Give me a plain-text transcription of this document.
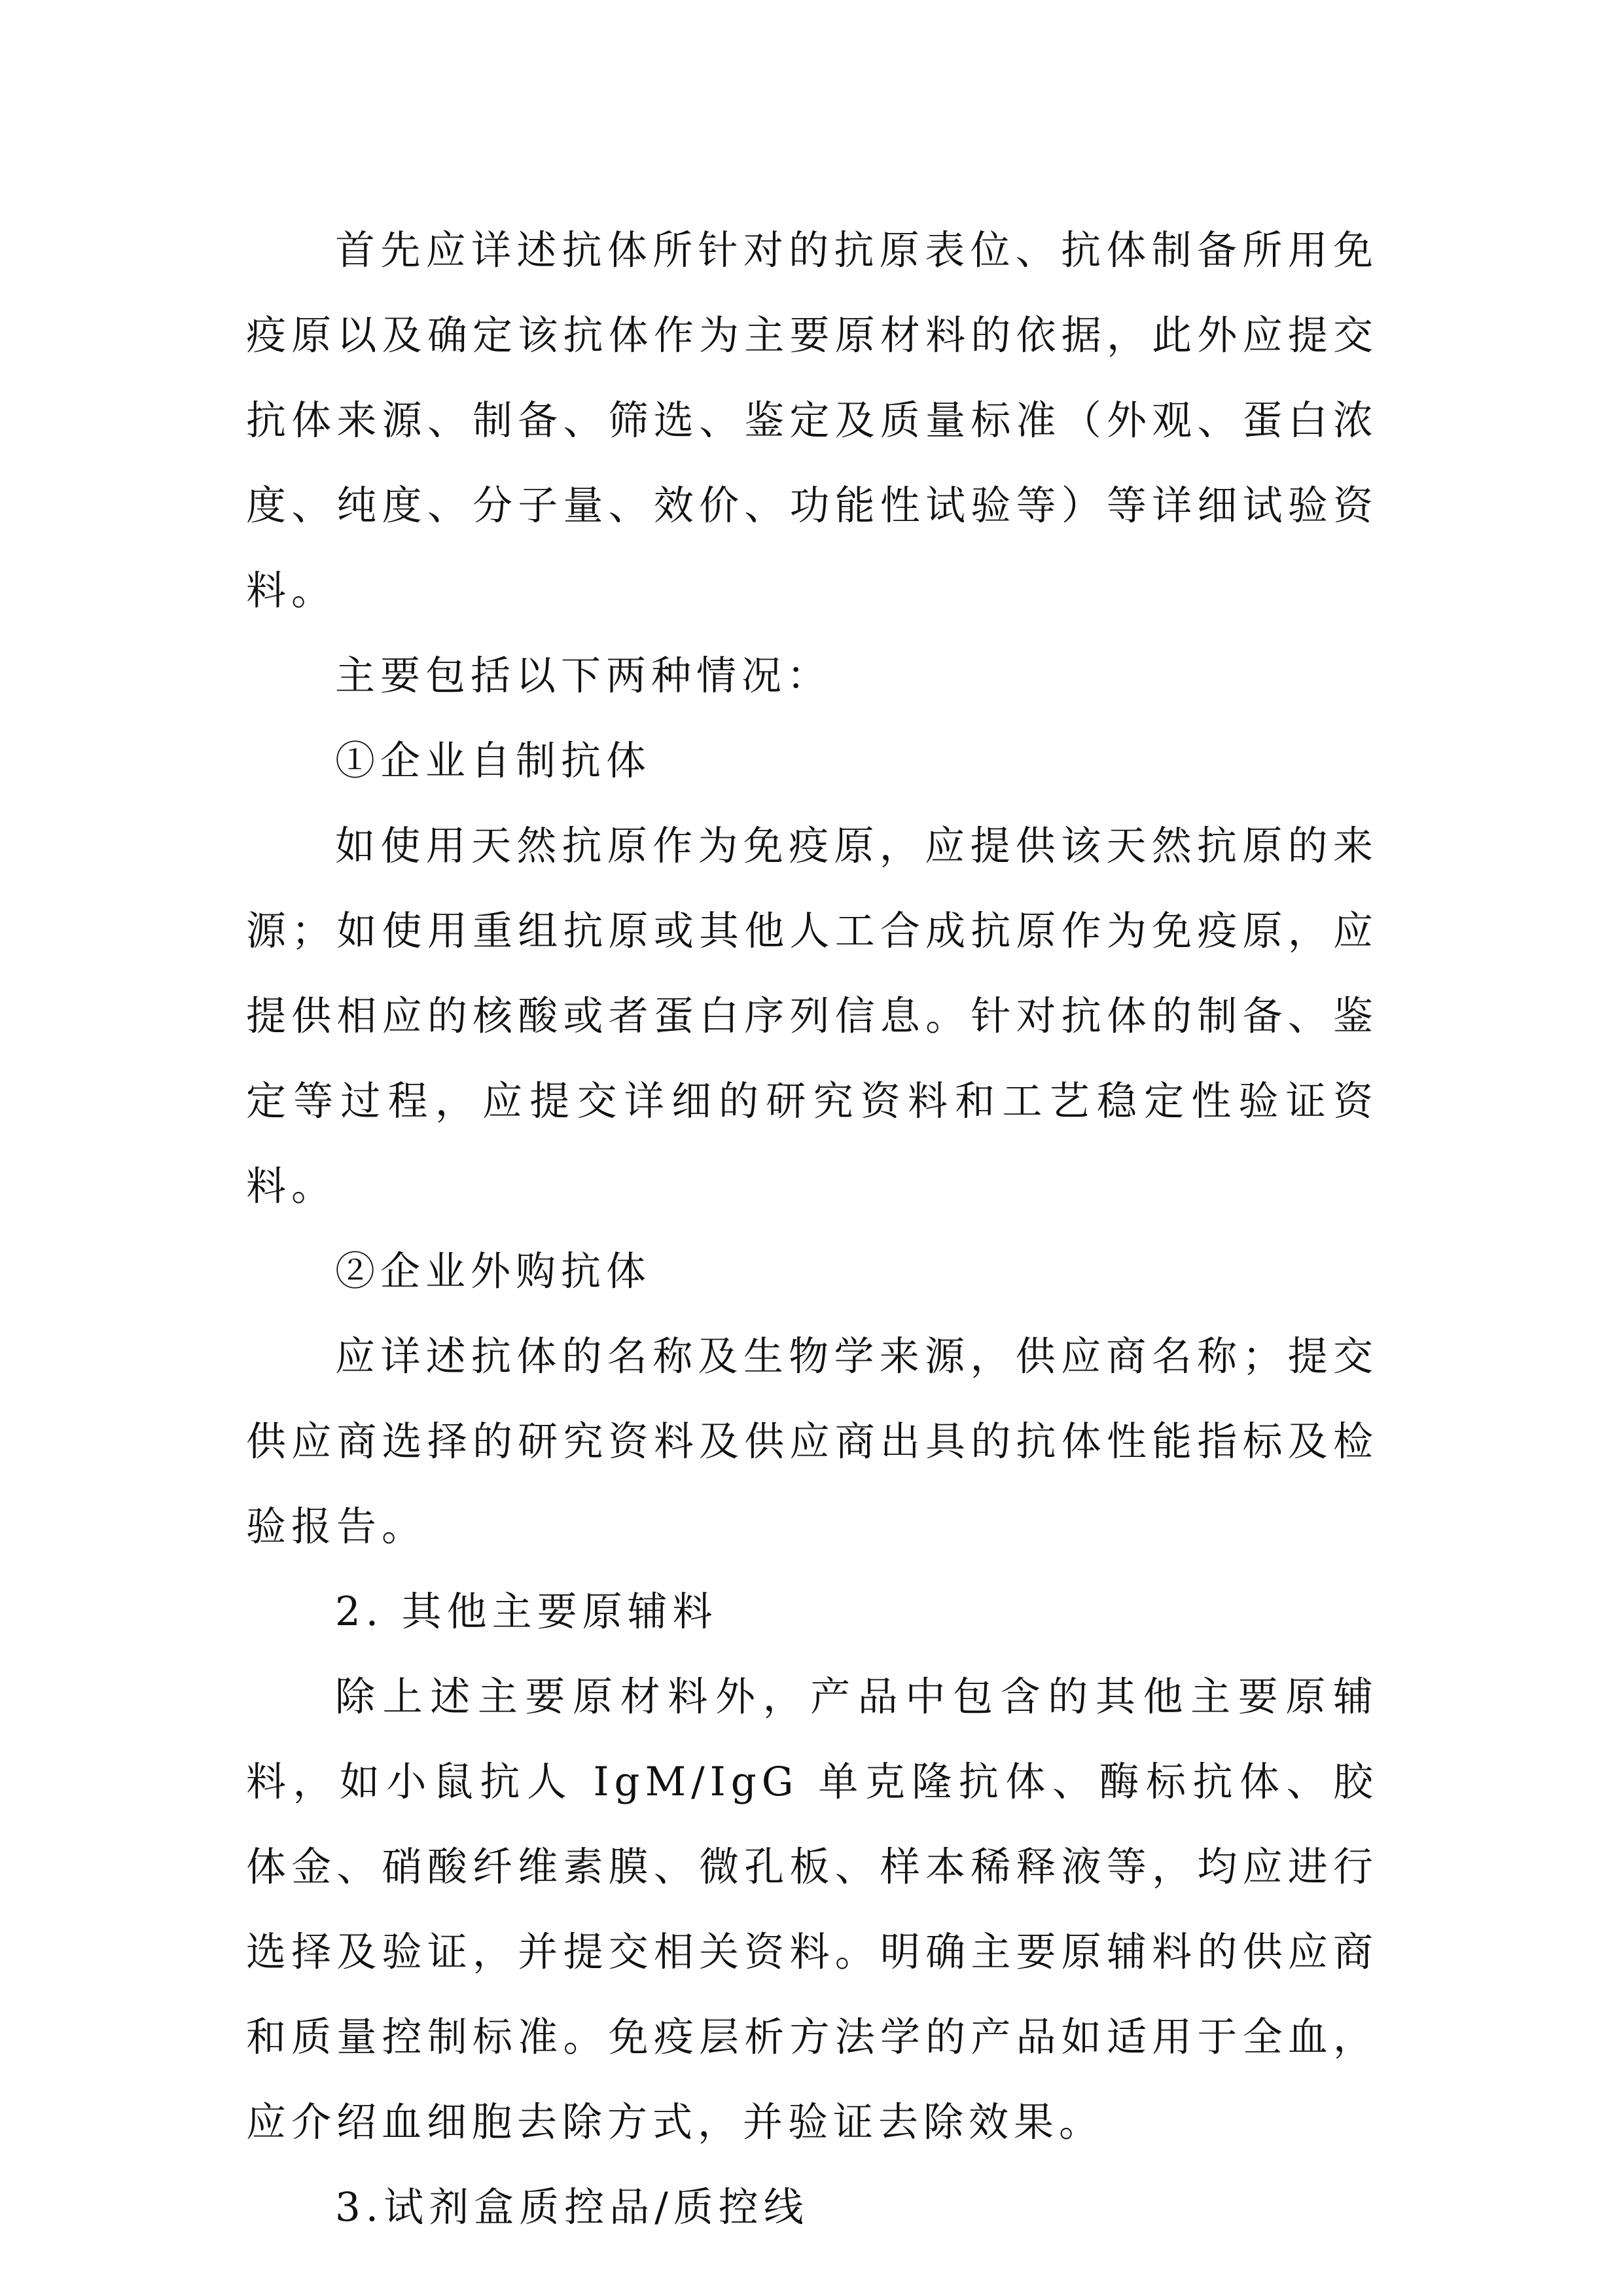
首先应详述抗体所针对的抗原表位、抗体制备所用免疫原以及确定该抗体作为主要原材料的依据，此外应提交抗体来源、制备、筛选、鉴定及质量标准（外观、蛋白浓度、纯度、分子量、效价、功能性试验等）等详细试验资料。

主要包括以下两种情况：

①企业自制抗体

如使用天然抗原作为免疫原，应提供该天然抗原的来源；如使用重组抗原或其他人工合成抗原作为免疫原，应提供相应的核酸或者蛋白序列信息。针对抗体的制备、鉴定等过程，应提交详细的研究资料和工艺稳定性验证资料。

②企业外购抗体

应详述抗体的名称及生物学来源，供应商名称；提交供应商选择的研究资料及供应商出具的抗体性能指标及检验报告。

2. 其他主要原辅料

除上述主要原材料外，产品中包含的其他主要原辅料，如小鼠抗人 IgM/IgG 单克隆抗体、酶标抗体、胶体金、硝酸纤维素膜、微孔板、样本稀释液等，均应进行选择及验证，并提交相关资料。明确主要原辅料的供应商和质量控制标准。免疫层析方法学的产品如适用于全血，应介绍血细胞去除方式，并验证去除效果。

3.试剂盒质控品/质控线
